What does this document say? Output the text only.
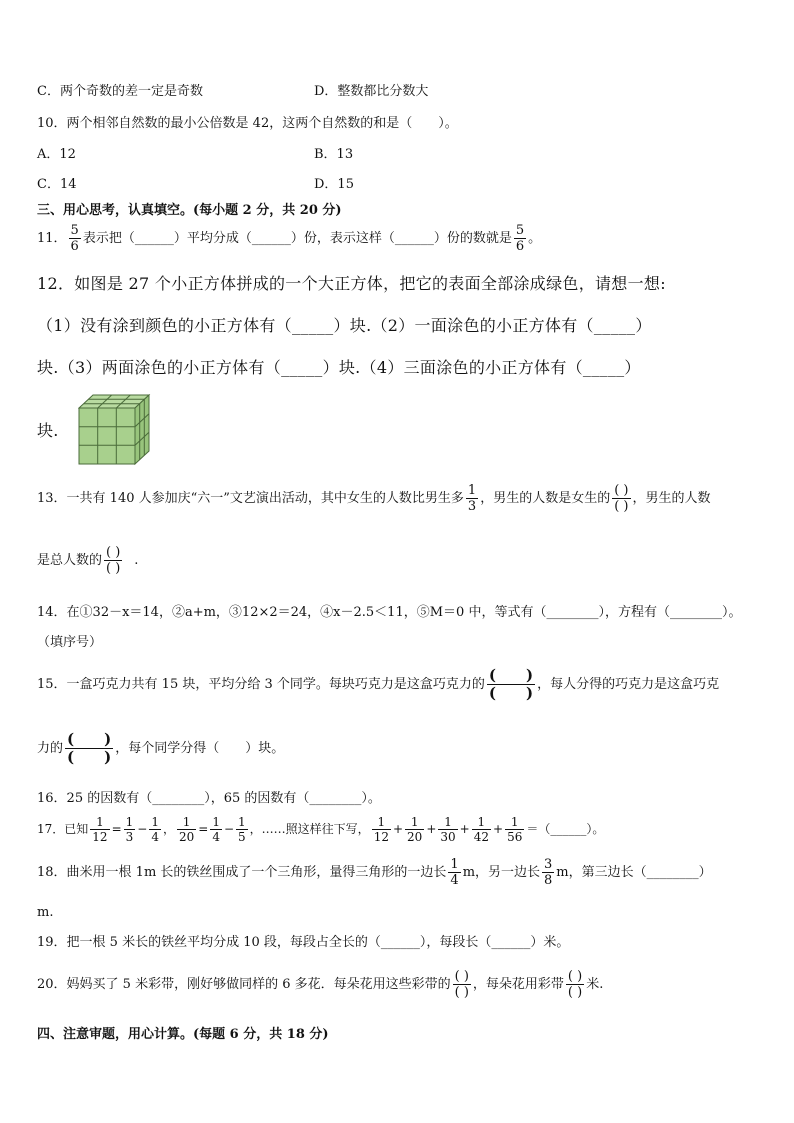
C．两个奇数的差一定是奇数	D．整数都比分数大
10．两个相邻自然数的最小公倍数是 42，这两个自然数的和是（　　）。
A．12	B．13
C．14	D．15
三、用心思考，认真填空。(每小题 2 分，共 20 分)
11． $\frac{5}{6}$ 表示把（______）平均分成（______）份，表示这样（______）份的数就是 $\frac{5}{6}$ 。
12．如图是 27 个小正方体拼成的一个大正方体，把它的表面全部涂成绿色，请想一想:
（1）没有涂到颜色的小正方体有（_____）块.（2）一面涂色的小正方体有（_____）
块.（3）两面涂色的小正方体有（_____）块.（4）三面涂色的小正方体有（_____）
块.
13．一共有 140 人参加庆“六一”文艺演出活动，其中女生的人数比男生多 $\frac{1}{3}$ ，男生的人数是女生的 $\frac{( )}{( )}$ ，男生的人数
是总人数的 $\frac{( )}{( )}$ .
14．在①32－x＝14，②a+m，③12×2＝24，④x－2.5＜11，⑤M＝0 中，等式有（________），方程有（________）。
（填序号）
15．一盒巧克力共有 15 块，平均分给 3 个同学。每块巧克力是这盒巧克力的 $\frac{( )}{( )}$ ，每人分得的巧克力是这盒巧克
力的 $\frac{( )}{( )}$ ，每个同学分得（　　）块。
16．25 的因数有（________），65 的因数有（________）。
17．已知 $\frac{1}{12} = \frac{1}{3} - \frac{1}{4}$ ， $\frac{1}{20} = \frac{1}{4} - \frac{1}{5}$ ，……照这样往下写， $\frac{1}{12} + \frac{1}{20} + \frac{1}{30} + \frac{1}{42} + \frac{1}{56}$ ＝（______）。
18．曲米用一根 1m 长的铁丝围成了一个三角形，量得三角形的一边长 $\frac{1}{4}$ m，另一边长 $\frac{3}{8}$ m，第三边长（________）
m.
19．把一根 5 米长的铁丝平均分成 10 段，每段占全长的（______），每段长（______）米。
20．妈妈买了 5 米彩带，刚好够做同样的 6 多花．每朵花用这些彩带的 $\frac{( )}{( )}$ ，每朵花用彩带 $\frac{( )}{( )}$ 米.
四、注意审题，用心计算。(每题 6 分，共 18 分)
